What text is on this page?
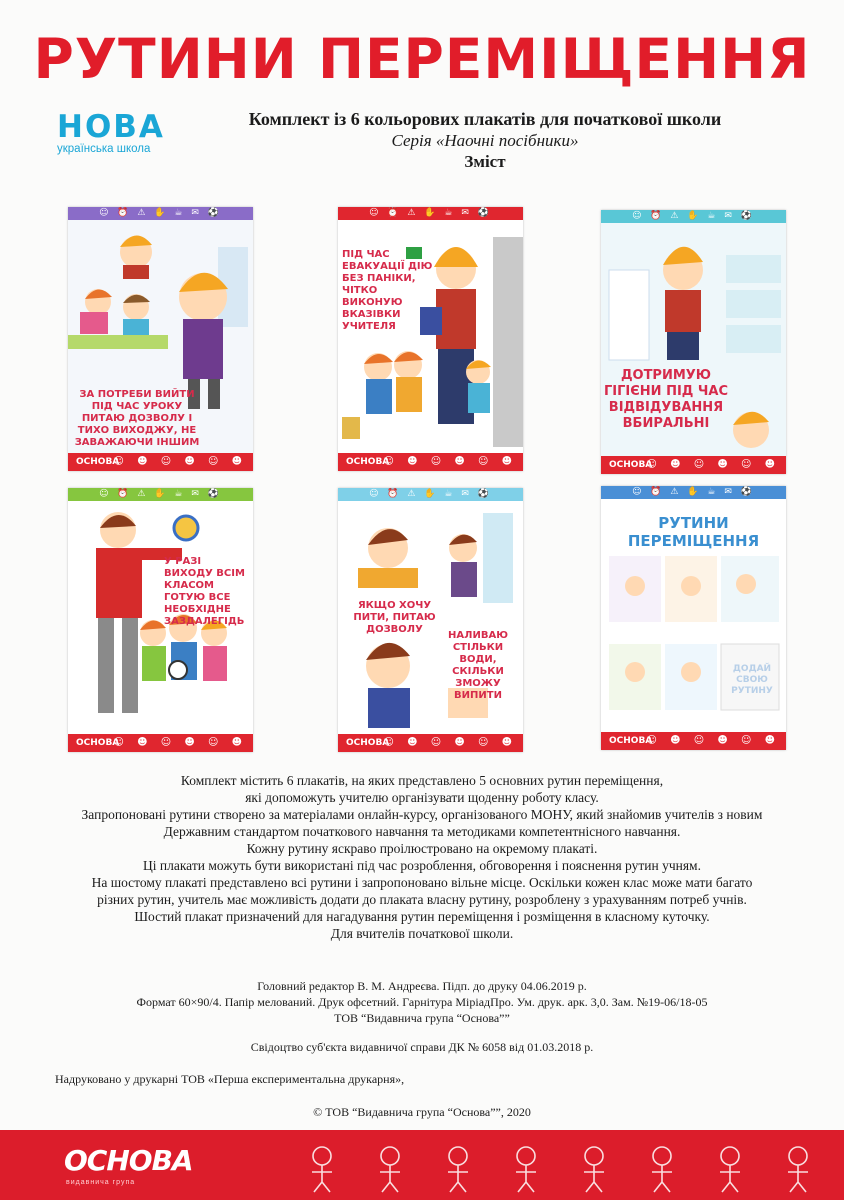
РУТИНИ ПЕРЕМІЩЕННЯ
НОВА
українська школа
Комплект із 6 кольорових плакатів для початкової школи
Серія «Наочні посібники»
Зміст
☺ ⏰ ⚠ ✋ ☕ ✉ ⚽
ЗА ПОТРЕБИ ВИЙТИ ПІД ЧАС УРОКУ ПИТАЮ ДОЗВОЛУ І ТИХО ВИХОДЖУ, НЕ ЗАВАЖАЮЧИ ІНШИМ
ОСНОВА
☺ ☻ ☺ ☻ ☺ ☻
☺ ⏰ ⚠ ✋ ☕ ✉ ⚽
ПІД ЧАС ЕВАКУАЦІЇ ДІЮ БЕЗ ПАНІКИ, ЧІТКО ВИКОНУЮ ВКАЗІВКИ УЧИТЕЛЯ
ОСНОВА
☺ ☻ ☺ ☻ ☺ ☻
☺ ⏰ ⚠ ✋ ☕ ✉ ⚽
ДОТРИМУЮ ГІГІЄНИ ПІД ЧАС ВІДВІДУВАННЯ ВБИРАЛЬНІ
ОСНОВА
☺ ☻ ☺ ☻ ☺ ☻
☺ ⏰ ⚠ ✋ ☕ ✉ ⚽
У РАЗІ ВИХОДУ ВСІМ КЛАСОМ ГОТУЮ ВСЕ НЕОБХІДНЕ ЗАЗДАЛЕГІДЬ
ОСНОВА
☺ ☻ ☺ ☻ ☺ ☻
☺ ⏰ ⚠ ✋ ☕ ✉ ⚽
ЯКЩО ХОЧУ ПИТИ, ПИТАЮ ДОЗВОЛУ
НАЛИВАЮ СТІЛЬКИ ВОДИ, СКІЛЬКИ ЗМОЖУ ВИПИТИ
ОСНОВА
☺ ☻ ☺ ☻ ☺ ☻
☺ ⏰ ⚠ ✋ ☕ ✉ ⚽
РУТИНИ ПЕРЕМІЩЕННЯ
ДОДАЙ СВОЮ РУТИНУ
ОСНОВА
☺ ☻ ☺ ☻ ☺ ☻
Комплект містить 6 плакатів, на яких представлено 5 основних рутин переміщення,
які допоможуть учителю організувати щоденну роботу класу.
Запропоновані рутини створено за матеріалами онлайн-курсу, організованого МОНУ, який знайомив учителів з новим
Державним стандартом початкового навчання та методиками компетентнісного навчання.
Кожну рутину яскраво проілюстровано на окремому плакаті.
Ці плакати можуть бути використані під час розроблення, обговорення і пояснення рутин учням.
На шостому плакаті представлено всі рутини і запропоновано вільне місце. Оскільки кожен клас може мати багато
різних рутин, учитель має можливість додати до плаката власну рутину, розроблену з урахуванням потреб учнів.
Шостий плакат призначений для нагадування рутин переміщення і розміщення в класному куточку.
Для вчителів початкової школи.
Головний редактор В. М. Андреєва. Підп. до друку 04.06.2019 р.
Формат 60×90/4. Папір мелований. Друк офсетний. Гарнітура МіріадПро. Ум. друк. арк. 3,0. Зам. №19-06/18-05
ТОВ “Видавнича група “Основа””
Свідоцтво суб'єкта видавничої справи ДК № 6058 від 01.03.2018 р.
Надруковано у друкарні ТОВ «Перша експериментальна друкарня»,
© ТОВ “Видавнича група “Основа””, 2020
ОСНОВА
видавнича група
